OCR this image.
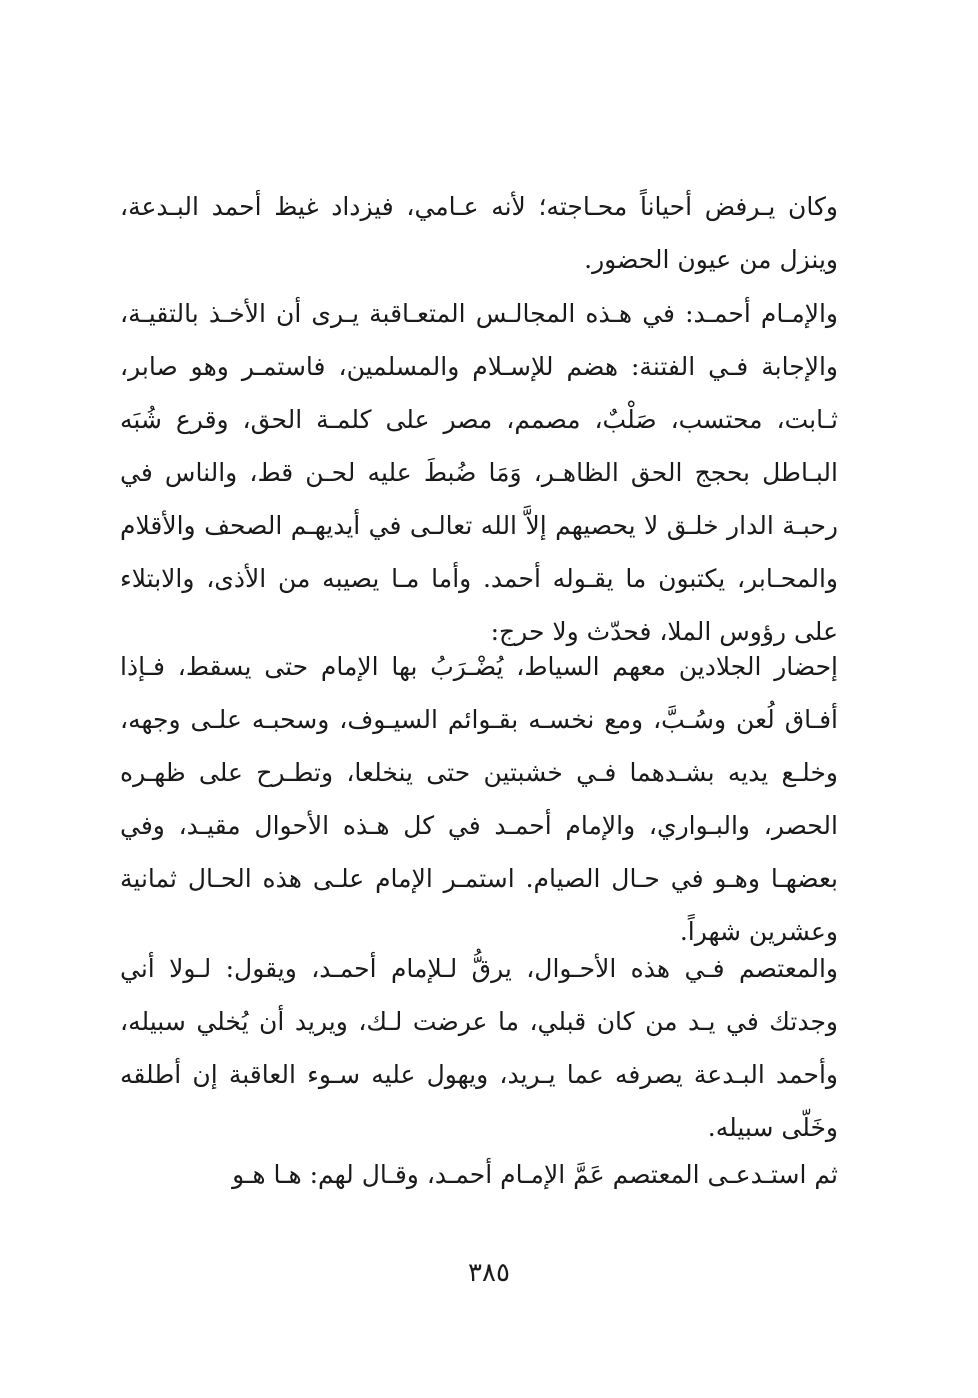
وكان يـرفض أحياناً محـاجته؛ لأنه عـامي، فيزداد غيظ أحمد البـدعة، وينزل من عيون الحضور.

والإمـام أحمـد: في هـذه المجالـس المتعـاقبة يـرى أن الأخـذ بالتقيـة، والإجابة فـي الفتنة: هضم للإسـلام والمسلمين، فاستمـر وهو صابر، ثـابت، محتسب، صَلْبٌ، مصمم، مصر على كلمـة الحق، وقرع شُبَه البـاطل بحجج الحق الظاهـر، وَمَا ضُبطَ عليه لحـن قط، والناس في رحبـة الدار خلـق لا يحصيهم إلاَّ الله تعالـى في أيديهـم الصحف والأقلام والمحـابر، يكتبون ما يقـوله أحمد. وأما مـا يصيبه من الأذى، والابتلاء على رؤوس الملا، فحدّث ولا حرج:

إحضار الجلادين معهم السياط، يُضْـرَبُ بها الإمام حتى يسقط، فـإذا أفـاق لُعن وسُـبَّ، ومع نخسـه بقـوائم السيـوف، وسحبـه علـى وجهه، وخلـع يديه بشـدهما فـي خشبتين حتى ينخلعا، وتطـرح على ظهـره الحصر، والبـواري، والإمام أحمـد في كل هـذه الأحوال مقيـد، وفي بعضهـا وهـو في حـال الصيام. استمـر الإمام علـى هذه الحـال ثمانية وعشرين شهراً.

والمعتصم فـي هذه الأحـوال، يرقُّ لـلإمام أحمـد، ويقول: لـولا أني وجدتك في يـد من كان قبلي، ما عرضت لـك، ويريد أن يُخلي سبيله، وأحمد البـدعة يصرفه عما يـريد، ويهول عليه سـوء العاقبة إن أطلقه وخَلّى سبيله.

ثم استـدعـى المعتصم عَمَّ الإمـام أحمـد، وقـال لهم: هـا هـو

٣٨٥
